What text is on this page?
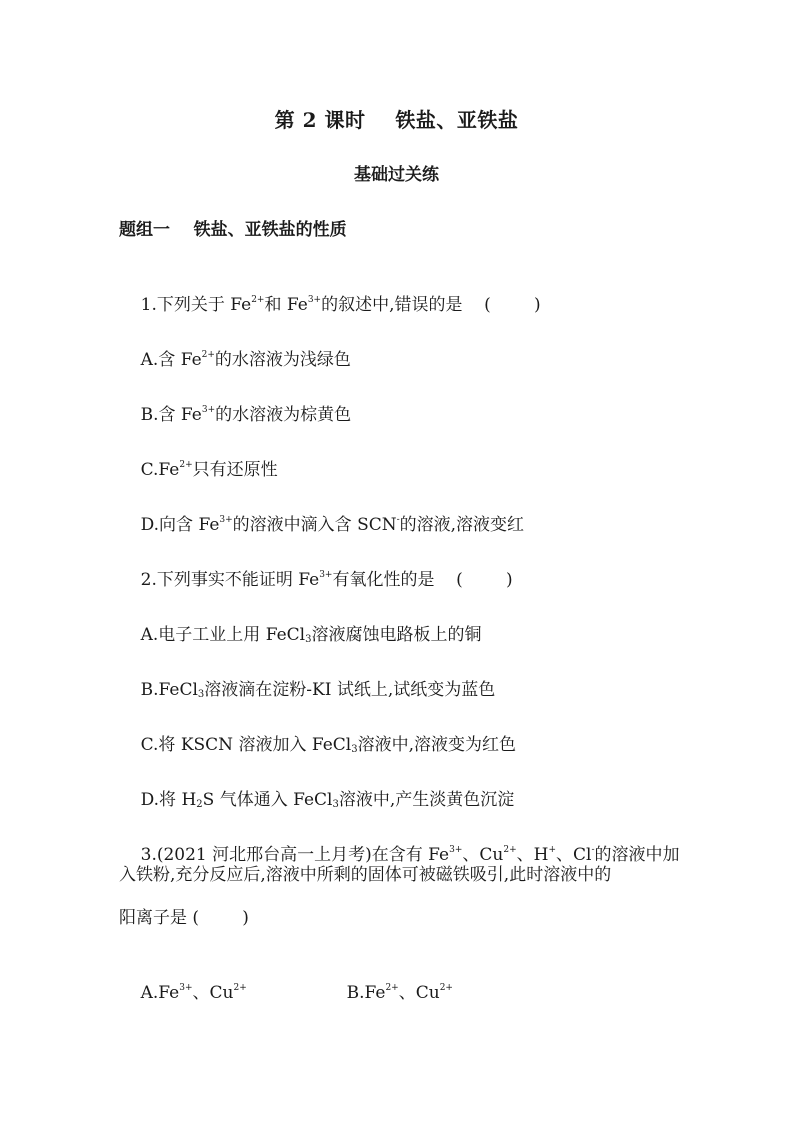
第 2 课时    铁盐、亚铁盐
基础过关练
题组一    铁盐、亚铁盐的性质

1.下列关于 $Fe^{2+}$和 $Fe^{3+}$的叙述中,错误的是    (        )

A.含 $Fe^{2+}$的水溶液为浅绿色

B.含 $Fe^{3+}$的水溶液为棕黄色

$C.Fe^{2+}$只有还原性

D.向含 $Fe^{3+}$的溶液中滴入含 SCN-的溶液,溶液变红

2.下列事实不能证明 $Fe^{3+}$有氧化性的是    (        )

A.电子工业上用 FeCl$_3$溶液腐蚀电路板上的铜

B.FeCl$_3$溶液滴在淀粉-KI 试纸上,试纸变为蓝色

C.将 KSCN 溶液加入 FeCl$_3$溶液中,溶液变为红色

D.将 $H_2S$ 气体通入 FeCl$_3$溶液中,产生淡黄色沉淀

3.(2021 河北邢台高一上月考)在含有 $Fe^{3+}$、$Cu^{2+}$、H+、Cl-的溶液中加

入铁粉,充分反应后,溶液中所剩的固体可被磁铁吸引,此时溶液中的
阳离子是 (        )

$A.Fe^{3+}$、$Cu^{2+}$
	$B.Fe^{2+}$、$Cu^{2+}$
